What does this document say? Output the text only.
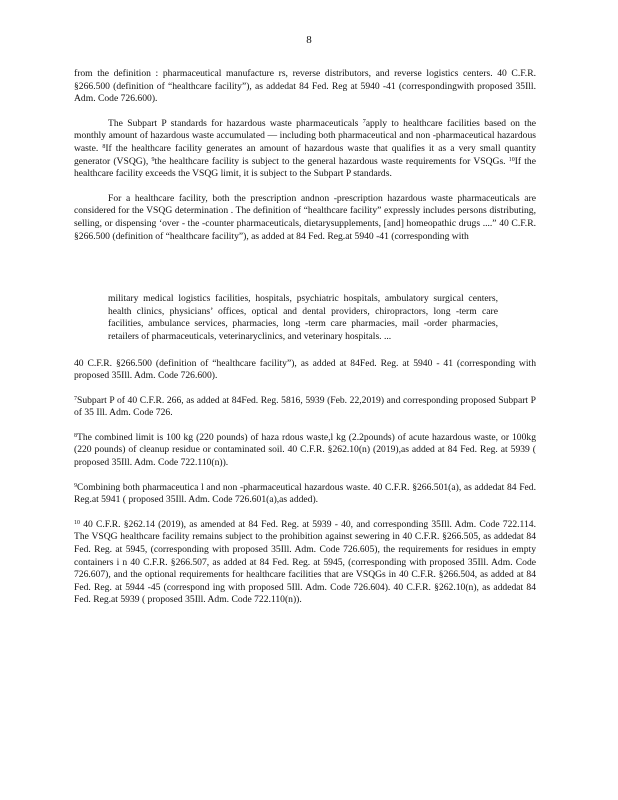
8

from the definition : pharmaceutical manufacture rs, reverse distributors, and reverse logistics centers. 40 C.F.R. §266.500 (definition of “healthcare facility”), as addedat 84 Fed. Reg at 5940 -41 (correspondingwith proposed 35Ill. Adm. Code 726.600).

The Subpart P standards for hazardous waste pharmaceuticals $^7$apply to healthcare facilities based on the monthly amount of hazardous waste accumulated — including both pharmaceutical and non -pharmaceutical hazardous waste. $^8$If the healthcare facility generates an amount of hazardous waste that qualifies it as a very small quantity generator (VSQG), $^9$the healthcare facility is subject to the general hazardous waste requirements for VSQGs. $^{10}$If the healthcare facility exceeds the VSQG limit, it is subject to the Subpart P standards.

For a healthcare facility, both the prescription andnon -prescription hazardous waste pharmaceuticals are considered for the VSQG determination . The definition of “healthcare facility” expressly includes persons distributing, selling, or dispensing ‘over - the -counter pharmaceuticals, dietarysupplements, [and] homeopathic drugs ....” 40 C.F.R. §266.500 (definition of “healthcare facility”), as added at 84 Fed. Reg.at 5940 -41 (corresponding with

military medical logistics facilities, hospitals, psychiatric hospitals, ambulatory surgical centers, health clinics, physicians’ offices, optical and dental providers, chiropractors, long -term care facilities, ambulance services, pharmacies, long -term care pharmacies, mail -order pharmacies, retailers of pharmaceuticals, veterinaryclinics, and veterinary hospitals. ...

40 C.F.R. §266.500 (definition of “healthcare facility”), as added at 84Fed. Reg. at 5940 - 41 (corresponding with proposed 35Ill. Adm. Code 726.600).

$^7$Subpart P of 40 C.F.R. 266, as added at 84Fed. Reg. 5816, 5939 (Feb. 22,2019) and corresponding proposed Subpart P of 35 Ill. Adm. Code 726.

$^8$The combined limit is 100 kg (220 pounds) of haza rdous waste,l kg (2.2pounds) of acute hazardous waste, or 100kg (220 pounds) of cleanup residue or contaminated soil. 40 C.F.R. §262.10(n) (2019),as added at 84 Fed. Reg. at 5939 ( proposed 35Ill. Adm. Code 722.110(n)).

$^9$Combining both pharmaceutica l and non -pharmaceutical hazardous waste. 40 C.F.R. §266.501(a), as addedat 84 Fed. Reg.at 5941 ( proposed 35Ill. Adm. Code 726.601(a),as added).

$^{10}$ 40 C.F.R. §262.14 (2019), as amended at 84 Fed. Reg. at 5939 - 40, and corresponding 35Ill. Adm. Code 722.114. The VSQG healthcare facility remains subject to the prohibition against sewering in 40 C.F.R. §266.505, as addedat 84 Fed. Reg. at 5945, (corresponding with proposed 35Ill. Adm. Code 726.605), the requirements for residues in empty containers i n 40 C.F.R. §266.507, as added at 84 Fed. Reg. at 5945, (corresponding with proposed 35Ill. Adm. Code 726.607), and the optional requirements for healthcare facilities that are VSQGs in 40 C.F.R. §266.504, as added at 84 Fed. Reg. at 5944 -45 (correspond ing with proposed 5Ill. Adm. Code 726.604). 40 C.F.R. §262.10(n), as addedat 84 Fed. Reg.at 5939 ( proposed 35Ill. Adm. Code 722.110(n)).
